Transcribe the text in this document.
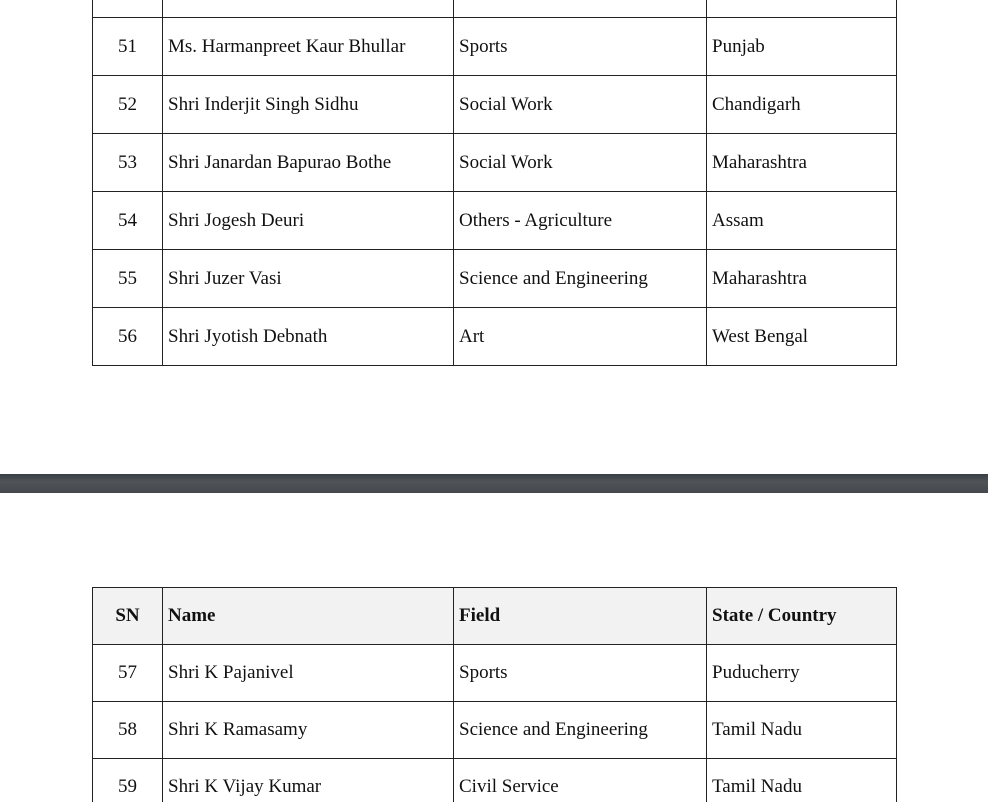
51	Ms. Harmanpreet Kaur Bhullar	Sports	Punjab
52	Shri Inderjit Singh Sidhu	Social Work	Chandigarh
53	Shri Janardan Bapurao Bothe	Social Work	Maharashtra
54	Shri Jogesh Deuri	Others - Agriculture	Assam
55	Shri Juzer Vasi	Science and Engineering	Maharashtra
56	Shri Jyotish Debnath	Art	West Bengal
SN	Name	Field	State / Country
57	Shri K Pajanivel	Sports	Puducherry
58	Shri K Ramasamy	Science and Engineering	Tamil Nadu
59	Shri K Vijay Kumar	Civil Service	Tamil Nadu
